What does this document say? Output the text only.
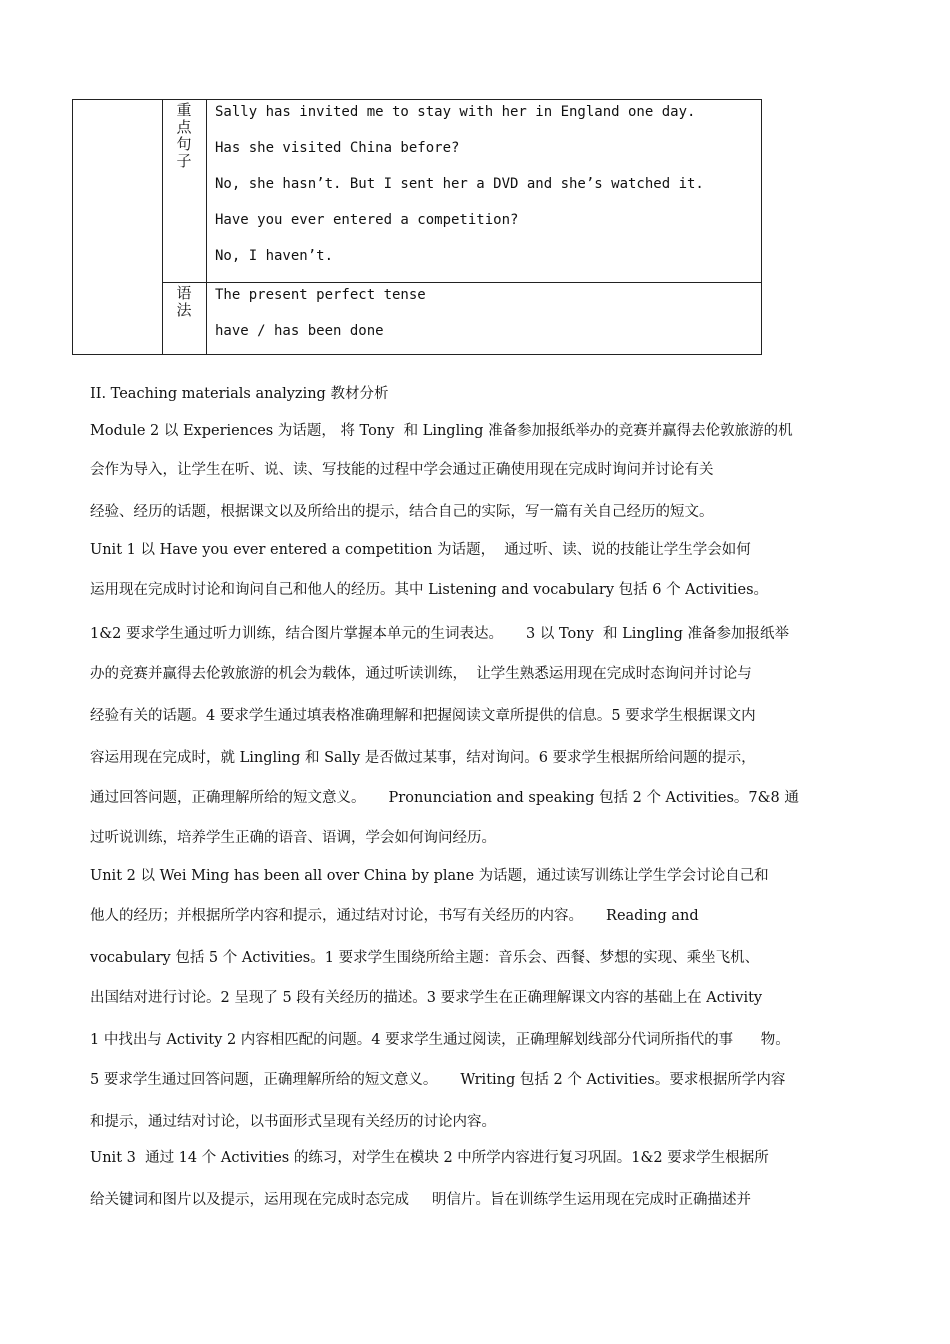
重
点
句
子
语
法
Sally has invited me to stay with her in England one day.
Has she visited China before?
No, she hasn’t. But I sent her a DVD and she’s watched it.
Have you ever entered a competition?
No, I haven’t.
The present perfect tense
have / has been done
II. Teaching materials analyzing 教材分析
Module 2 以 Experiences 为话题， 将 Tony  和 Lingling 准备参加报纸举办的竞赛并赢得去伦敦旅游的机
会作为导入，让学生在听、说、读、写技能的过程中学会通过正确使用现在完成时询问并讨论有关
经验、经历的话题，根据课文以及所给出的提示，结合自己的实际，写一篇有关自己经历的短文。
Unit 1 以 Have you ever entered a competition 为话题，  通过听、读、说的技能让学生学会如何
运用现在完成时讨论和询问自己和他人的经历。其中 Listening and vocabulary 包括 6 个 Activities。
1&2 要求学生通过听力训练，结合图片掌握本单元的生词表达。     3 以 Tony  和 Lingling 准备参加报纸举
办的竞赛并赢得去伦敦旅游的机会为载体，通过听读训练，  让学生熟悉运用现在完成时态询问并讨论与
经验有关的话题。4 要求学生通过填表格准确理解和把握阅读文章所提供的信息。5 要求学生根据课文内
容运用现在完成时，就 Lingling 和 Sally 是否做过某事，结对询问。6 要求学生根据所给问题的提示，
通过回答问题，正确理解所给的短文意义。     Pronunciation and speaking 包括 2 个 Activities。7&8 通
过听说训练，培养学生正确的语音、语调，学会如何询问经历。
Unit 2 以 Wei Ming has been all over China by plane 为话题，通过读写训练让学生学会讨论自己和
他人的经历；并根据所学内容和提示，通过结对讨论，书写有关经历的内容。     Reading and
vocabulary 包括 5 个 Activities。1 要求学生围绕所给主题：音乐会、西餐、梦想的实现、乘坐飞机、
出国结对进行讨论。2 呈现了 5 段有关经历的描述。3 要求学生在正确理解课文内容的基础上在 Activity
1 中找出与 Activity 2 内容相匹配的问题。4 要求学生通过阅读，正确理解划线部分代词所指代的事      物。
5 要求学生通过回答问题，正确理解所给的短文意义。     Writing 包括 2 个 Activities。要求根据所学内容
和提示，通过结对讨论，以书面形式呈现有关经历的讨论内容。
Unit 3  通过 14 个 Activities 的练习，对学生在模块 2 中所学内容进行复习巩固。1&2 要求学生根据所
给关键词和图片以及提示，运用现在完成时态完成     明信片。旨在训练学生运用现在完成时正确描述并
